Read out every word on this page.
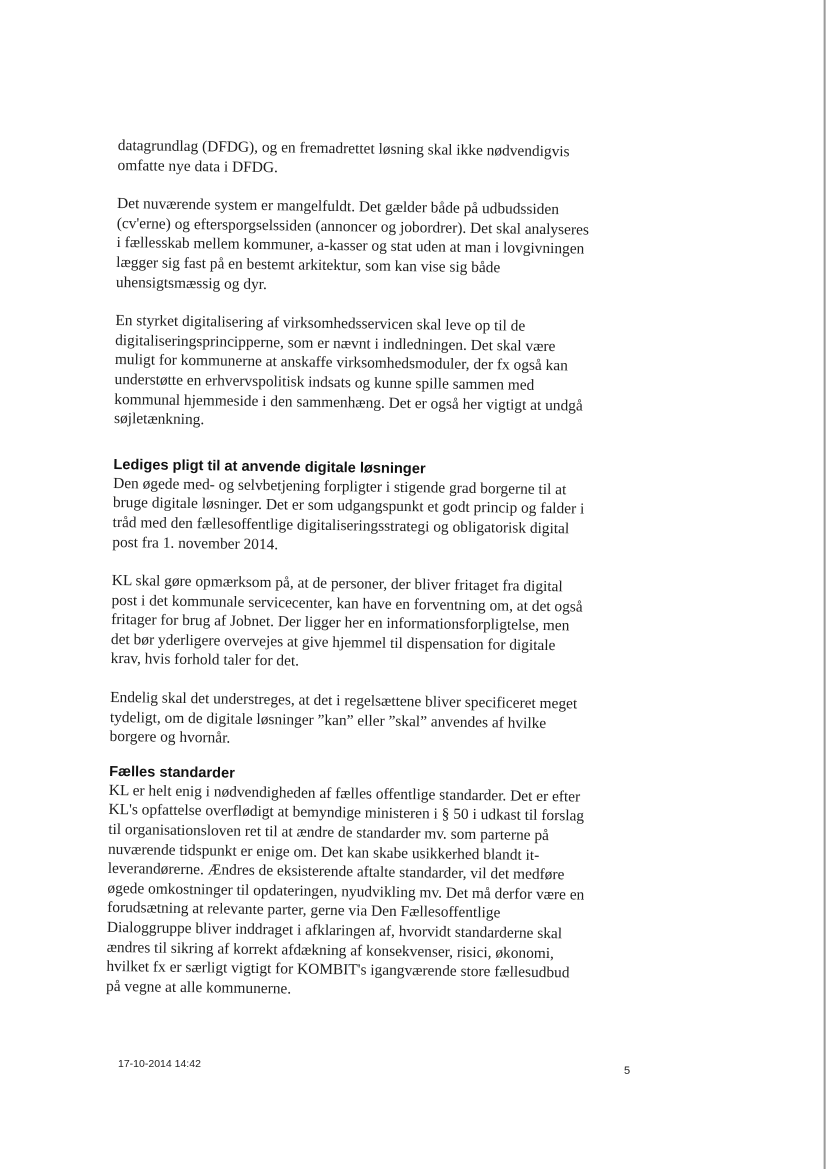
datagrundlag (DFDG), og en fremadrettet løsning skal ikke nødvendigvis omfatte nye data i DFDG.

Det nuværende system er mangelfuldt. Det gælder både på udbudssiden (cv'erne) og eftersporgselssiden (annoncer og jobordrer). Det skal analyseres i fællesskab mellem kommuner, a-kasser og stat uden at man i lovgivningen lægger sig fast på en bestemt arkitektur, som kan vise sig både uhensigtsmæssig og dyr.

En styrket digitalisering af virksomhedsservicen skal leve op til de digitaliseringsprincipperne, som er nævnt i indledningen. Det skal være muligt for kommunerne at anskaffe virksomhedsmoduler, der fx også kan understøtte en erhvervspolitisk indsats og kunne spille sammen med kommunal hjemmeside i den sammenhæng. Det er også her vigtigt at undgå søjletænkning.

Lediges pligt til at anvende digitale løsninger

Den øgede med- og selvbetjening forpligter i stigende grad borgerne til at bruge digitale løsninger. Det er som udgangspunkt et godt princip og falder i tråd med den fællesoffentlige digitaliseringsstrategi og obligatorisk digital post fra 1. november 2014.

KL skal gøre opmærksom på, at de personer, der bliver fritaget fra digital post i det kommunale servicecenter, kan have en forventning om, at det også fritager for brug af Jobnet. Der ligger her en informationsforpligtelse, men det bør yderligere overvejes at give hjemmel til dispensation for digitale krav, hvis forhold taler for det.

Endelig skal det understreges, at det i regelsættene bliver specificeret meget tydeligt, om de digitale løsninger ”kan” eller ”skal” anvendes af hvilke borgere og hvornår.

Fælles standarder

KL er helt enig i nødvendigheden af fælles offentlige standarder. Det er efter KL's opfattelse overflødigt at bemyndige ministeren i § 50 i udkast til forslag til organisationsloven ret til at ændre de standarder mv. som parterne på nuværende tidspunkt er enige om. Det kan skabe usikkerhed blandt it-leverandørerne. Ændres de eksisterende aftalte standarder, vil det medføre øgede omkostninger til opdateringen, nyudvikling mv. Det må derfor være en forudsætning at relevante parter, gerne via Den Fællesoffentlige Dialoggruppe bliver inddraget i afklaringen af, hvorvidt standarderne skal ændres til sikring af korrekt afdækning af konsekvenser, risici, økonomi, hvilket fx er særligt vigtigt for KOMBIT's igangværende store fællesudbud på vegne at alle kommunerne.

17-10-2014 14:42
5
